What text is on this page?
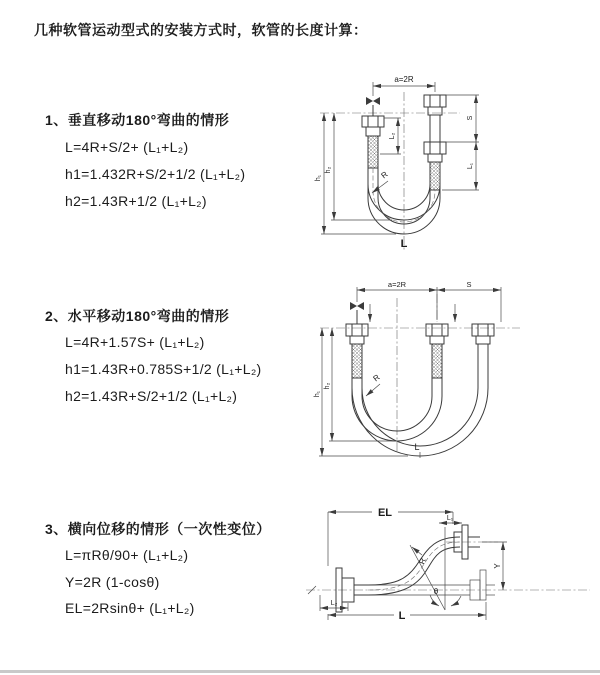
几种软管运动型式的安装方式时，软管的长度计算：
1、垂直移动180°弯曲的情形
L=4R+S/2+ (L₁+L₂)
h1=1.432R+S/2+1/2 (L₁+L₂)
h2=1.43R+1/2 (L₁+L₂)
2、水平移动180°弯曲的情形
L=4R+1.57S+ (L₁+L₂)
h1=1.43R+0.785S+1/2 (L₁+L₂)
h2=1.43R+S/2+1/2 (L₁+L₂)
3、横向位移的情形（一次性变位）
L=πRθ/90+ (L₁+L₂)
Y=2R (1-cosθ)
EL=2Rsinθ+ (L₁+L₂)
a=2R
h₁
h₂
L₂
S
L₁
R
L
a=2R	S
h₁
h₂
R
L
EL	L₁
Y
θ
R
L
L₂
